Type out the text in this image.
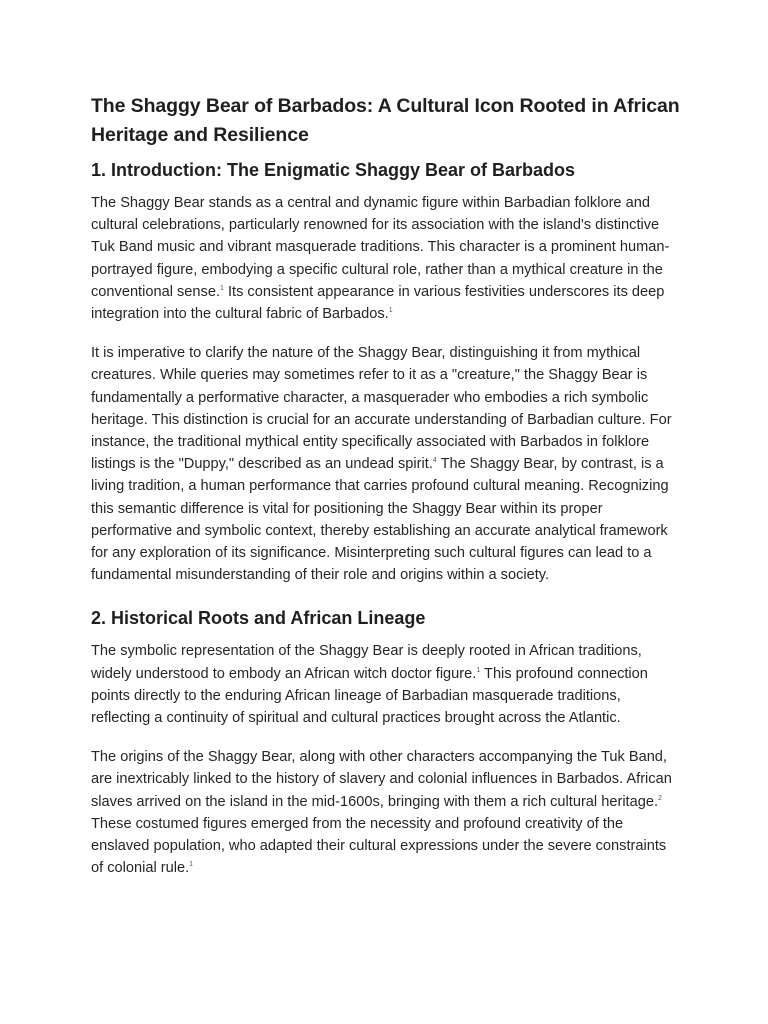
The Shaggy Bear of Barbados: A Cultural Icon Rooted in African Heritage and Resilience
1. Introduction: The Enigmatic Shaggy Bear of Barbados

The Shaggy Bear stands as a central and dynamic figure within Barbadian folklore and cultural celebrations, particularly renowned for its association with the island's distinctive Tuk Band music and vibrant masquerade traditions. This character is a prominent human-portrayed figure, embodying a specific cultural role, rather than a mythical creature in the conventional sense.$^1$ Its consistent appearance in various festivities underscores its deep integration into the cultural fabric of Barbados.$^1$

It is imperative to clarify the nature of the Shaggy Bear, distinguishing it from mythical creatures. While queries may sometimes refer to it as a "creature," the Shaggy Bear is fundamentally a performative character, a masquerader who embodies a rich symbolic heritage. This distinction is crucial for an accurate understanding of Barbadian culture. For instance, the traditional mythical entity specifically associated with Barbados in folklore listings is the "Duppy," described as an undead spirit.$^4$ The Shaggy Bear, by contrast, is a living tradition, a human performance that carries profound cultural meaning. Recognizing this semantic difference is vital for positioning the Shaggy Bear within its proper performative and symbolic context, thereby establishing an accurate analytical framework for any exploration of its significance. Misinterpreting such cultural figures can lead to a fundamental misunderstanding of their role and origins within a society.

2. Historical Roots and African Lineage

The symbolic representation of the Shaggy Bear is deeply rooted in African traditions, widely understood to embody an African witch doctor figure.$^1$ This profound connection points directly to the enduring African lineage of Barbadian masquerade traditions, reflecting a continuity of spiritual and cultural practices brought across the Atlantic.

The origins of the Shaggy Bear, along with other characters accompanying the Tuk Band, are inextricably linked to the history of slavery and colonial influences in Barbados. African slaves arrived on the island in the mid-1600s, bringing with them a rich cultural heritage.$^2$ These costumed figures emerged from the necessity and profound creativity of the enslaved population, who adapted their cultural expressions under the severe constraints of colonial rule.$^1$
